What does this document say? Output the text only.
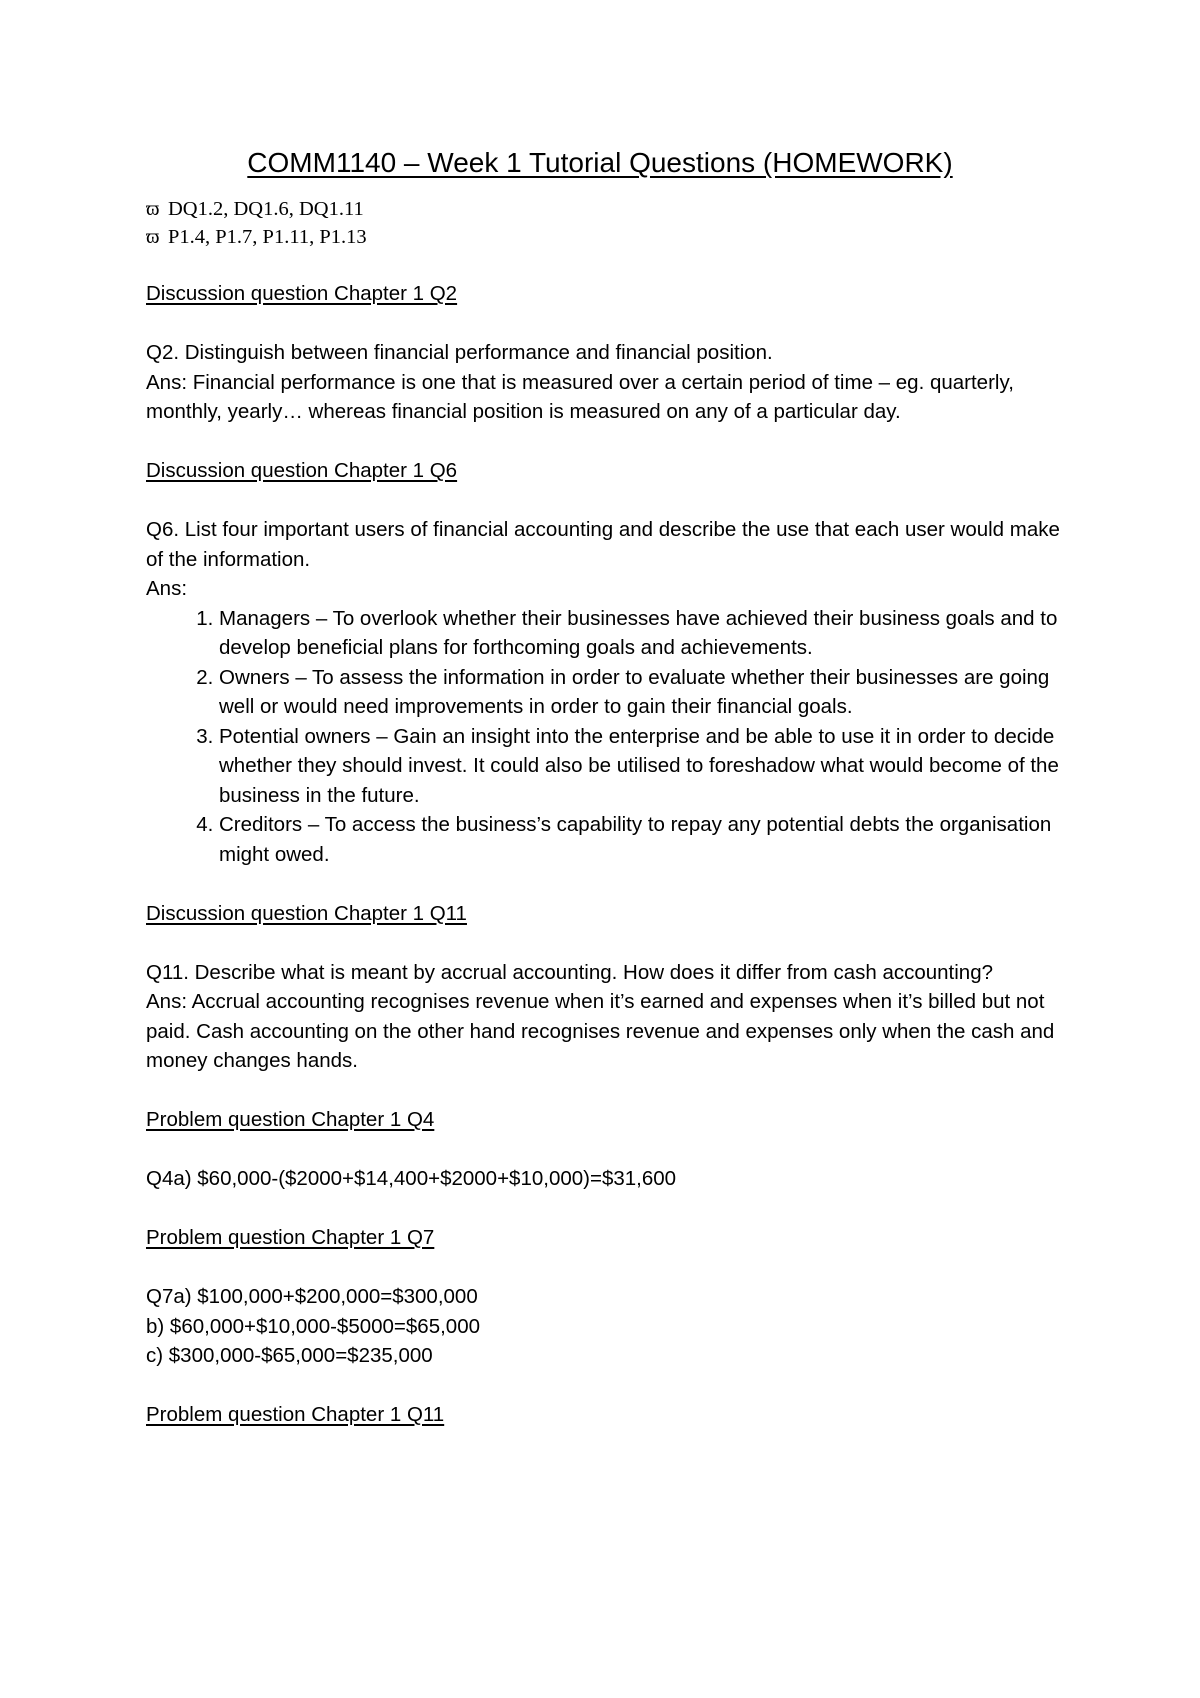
COMM1140 – Week 1 Tutorial Questions (HOMEWORK)
ϖ DQ1.2, DQ1.6, DQ1.11
ϖ P1.4, P1.7, P1.11, P1.13
Discussion question Chapter 1 Q2

Q2. Distinguish between financial performance and financial position.

Ans: Financial performance is one that is measured over a certain period of time – eg. quarterly, monthly, yearly… whereas financial position is measured on any of a particular day.

Discussion question Chapter 1 Q6

Q6. List four important users of financial accounting and describe the use that each user would make of the information.

Ans:

1. Managers – To overlook whether their businesses have achieved their business goals and to develop beneficial plans for forthcoming goals and achievements.
2. Owners – To assess the information in order to evaluate whether their businesses are going well or would need improvements in order to gain their financial goals.
3. Potential owners – Gain an insight into the enterprise and be able to use it in order to decide whether they should invest. It could also be utilised to foreshadow what would become of the business in the future.
4. Creditors – To access the business’s capability to repay any potential debts the organisation might owed.
Discussion question Chapter 1 Q11

Q11. Describe what is meant by accrual accounting. How does it differ from cash accounting?

Ans: Accrual accounting recognises revenue when it’s earned and expenses when it’s billed but not paid. Cash accounting on the other hand recognises revenue and expenses only when the cash and money changes hands.

Problem question Chapter 1 Q4

Q4a) $60,000-($2000+$14,400+$2000+$10,000)=$31,600

Problem question Chapter 1 Q7

Q7a) $100,000+$200,000=$300,000

b) $60,000+$10,000-$5000=$65,000

c) $300,000-$65,000=$235,000

Problem question Chapter 1 Q11
